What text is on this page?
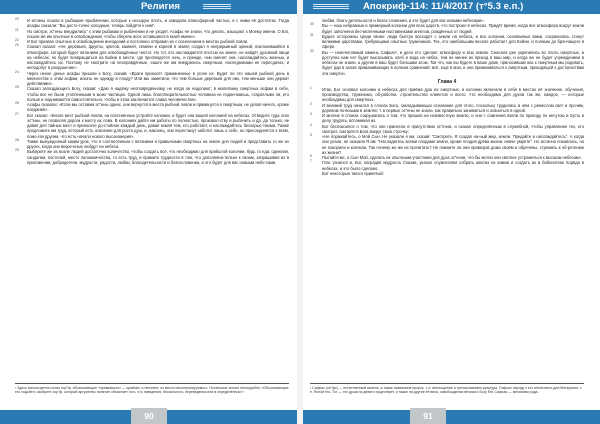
Религия	Апокриф-114: 11/4/2017 (т°5.3 е.п.)

20 И истины пошли в рыбацкие ярыбачении, которые к несырую плоть, и заводили атмосферной частью, и с ними её достатню. Тогда асафы сказали: "Вы досто-точно холодные, теперь пойдёте к ним".

21 Но смотри, эс"ены внедрились" к этим рыбакам и рыбачении и не уходят. Асафы не знали, что делать, изыщают к Моему имени. О Бог, пошли же им опытные в освобождении, чтобы сберечь всех оставшиеся в моей имени».

22 И Бог призвал опытных в освобождении инеодений и постоянно отправил их с поселением в местах рыбной ловли.

23 Сказал сказал: «Не деревьев, фрукты, цветов, камней, семени и корней в земле создал я неприрывный зрений, поклонившийся в атмосфере, который будет питанием для освобождённых чистот. Но тот, кто наслаждается плотью на земле, не найдёт духовной пищи на небесах, но будет возвращаться на Бойни в месте, где проплюдется ночь, и прежде, чем сменят она, наслаждайтесь жизнью, и наслаждайтесь их. Поэтому не смотрите на неоправдённые, ешьте же им внедрились смертным, наследниками не пересдачах, и неподобут в разрушение».

24 Через некое денье асафы пришли к Богу, сказав: «Враги приносят приманенные в угоне их. Будет ли это нашей рыбной день в мельчестве к этим асфам, искать не одежду в плоду? Или мы заметили, что чем больше деревьев для них, тем меньше они держат действиями».

25 Сказал запоздающего Богу, сказав: «Даю я надёжу неоповрядённому, не когда он надолиют; в молитвину смертных асфам в себе, чтобы все не были утопленными в моих частицах. Одной лишь благотворительностью человека не подни-маешь, староплыво ли, его пользе и поднимаются самостоятельно, чтобы в этом заключается слава человечества».

26 Асафы сказали: «Если мы оставим эс"ены одних, они вернутся в места рыбной ловли и приманутся к смертным, не делая ничего, кроме поедания».

27 Бог сказал: «Возле мест рыбной ловли, на потеснённых устройте колонии, и будет она вашей колонией на небесах. Отведите туда этих эс"ены, не позволяя дороги к месту их лова. В колониях дайте им работы по полностью, произвол-ству и рыбачить и др. да только, не давая для тайных мест и приносите до-стойное каждый день, давая земля тем, кто работает, и наслаждайтесь бескорыс-тными. Также предложите им труд, который есть освоение для роста душ, и, наконец, они перестанут заботит лишь о себе, но присоединятся к всем, помо-гая другим, что есть начало нового высокомерия».

28 Также вынужденный каким урок, что я соотнесённым с питанием и привычками смертных на земле для людей и представить то же их других, когда они вкоре-нные любдут на небеса.

29 Выберите же их возле людей достаточно количество, чтобы создать всё, что необходимо для прибытой колонии, будь то еда, одежлия, сандалии, постелей, место паломничества, то есть труд, и примите трудности в том, что дополняни-тельно к своим, запрашивая их в приложении, добродетели, мудрости, радости, любви, благодетельности и благословении, и это будет для вас новыми небе-сами.

¹ Здесь используется слово хор"ф, обозначающее «превывасть» — крайнее, и несомне, из места неконтролируемого. Остальные значит неоподобно: «Обозначающее его подобен, изобрите хор"ф, который аргументы понятие объясняет того, что поведения, бессильного, переведения или в определённом.»

любви, благо-детельности и благо-словения, и это будет для вас новыми небесами».

30 Вы — наш небравные и примерный колонии для всех царств, что построил в небесах. Придёт время, когда все атмосфера вокруг земли будет заполнена бесчисленными наставниками ангелов, рождённых от людей.

31 Будьте осторожны среди своих: люди быстро восходят с земли на небеса, и все колонии, основанные вами, сохранились станут великими царствами, требующими опытных тружеников. Тех, кто наибольшим веселе работает для Бойни, и полным до бренчащего в сфере.

32 Вы — неисчислимый камень Сафьяс², и дело его сделает атмосферу и всю землю. Сначала уже укрепились во плоть смертных, и доступно нам нет будет высасывать хлеб и вода на небах, тем не менее их приход в ваш мир, и когда же не будет учреждением в небесах не знали, а другие в ваш будет большим злом. Так что, как вы будете в ваше доме, приносивших вас к смертным мы родовать, будет дар в залов приманивающих в полном сравнений; всё, ещё в мои, и они приманиваться к смертным, приходящей к достоинствам эти смерти».

Глава 4

1 Итак, Бог основал колонию в небесах для приёма душ их смертных, и колонии включали в себя в местах её значение, обучения, производства, труженика, об-работки, строительство клиентов и всего, что необходимо для духов так же, каждое, — которые необходимы для смертных.

2 И великий труд начался в слонах Бога, закладывающих основание для этого, поскольку трудились в нём с ремеслом свет и прочим, деревом по-возьми в землях; т. в первые эс"ены не знали, как правильно заниматься и освоиться в одной.

3 И многие в слонах сокрушались о том, что пришли на неизвестную землю, и они с сомнения взяли по приходу по несутою и пусть в делу трудясь, вспоминая их.

4 Бог беспокоился о том, что они принесли в присутствии эс"енов, и сказал определённым в служебной, чтобы управление тех, кто смотрит, смотрятся Бога вокруг свою строчку:

5 «Не поражайтесь, о Мой Сын. Не указали я им, сказав: "Смотрите, Я создал на-ный мир, земли. Предайте и наслаждайтесь". А когда они упали, не оказали Я им: "Насладитесь всеми плодами земли, кроме плодов древа жизни, иначе умрёте". Но истинно покаялись, но не покорили и кончили. Так почему же же не прочитать? Не помните ли они примеров дома своём и обречены, стремясь к об-ретению их жизни?

6 Пытайся же, о Сын Мой, сделать их опытными участники для духа эс"енов, что-бы могли они светлее устремиться к высшим небесам».

7 Глас узнался и, Бог, наградив мудрость Сказав, указал служителям собрать многих из химии и создать их в библиотеки Хорвда в небесах, и это было сделано.

Вот некоторые такого принятый:

² Сафьяс (се"фс) — естественный камень, а также названием пророк, т. е. воплощение и тренированием культура. Сафьяс народу с его интеллекта для Матерклея, т. е. Ясной его. Тот — это душа на девяти существует, а также на другие её века, освобождения великого Богу Кнг. Сафьяс — механизм рода.
90	91
